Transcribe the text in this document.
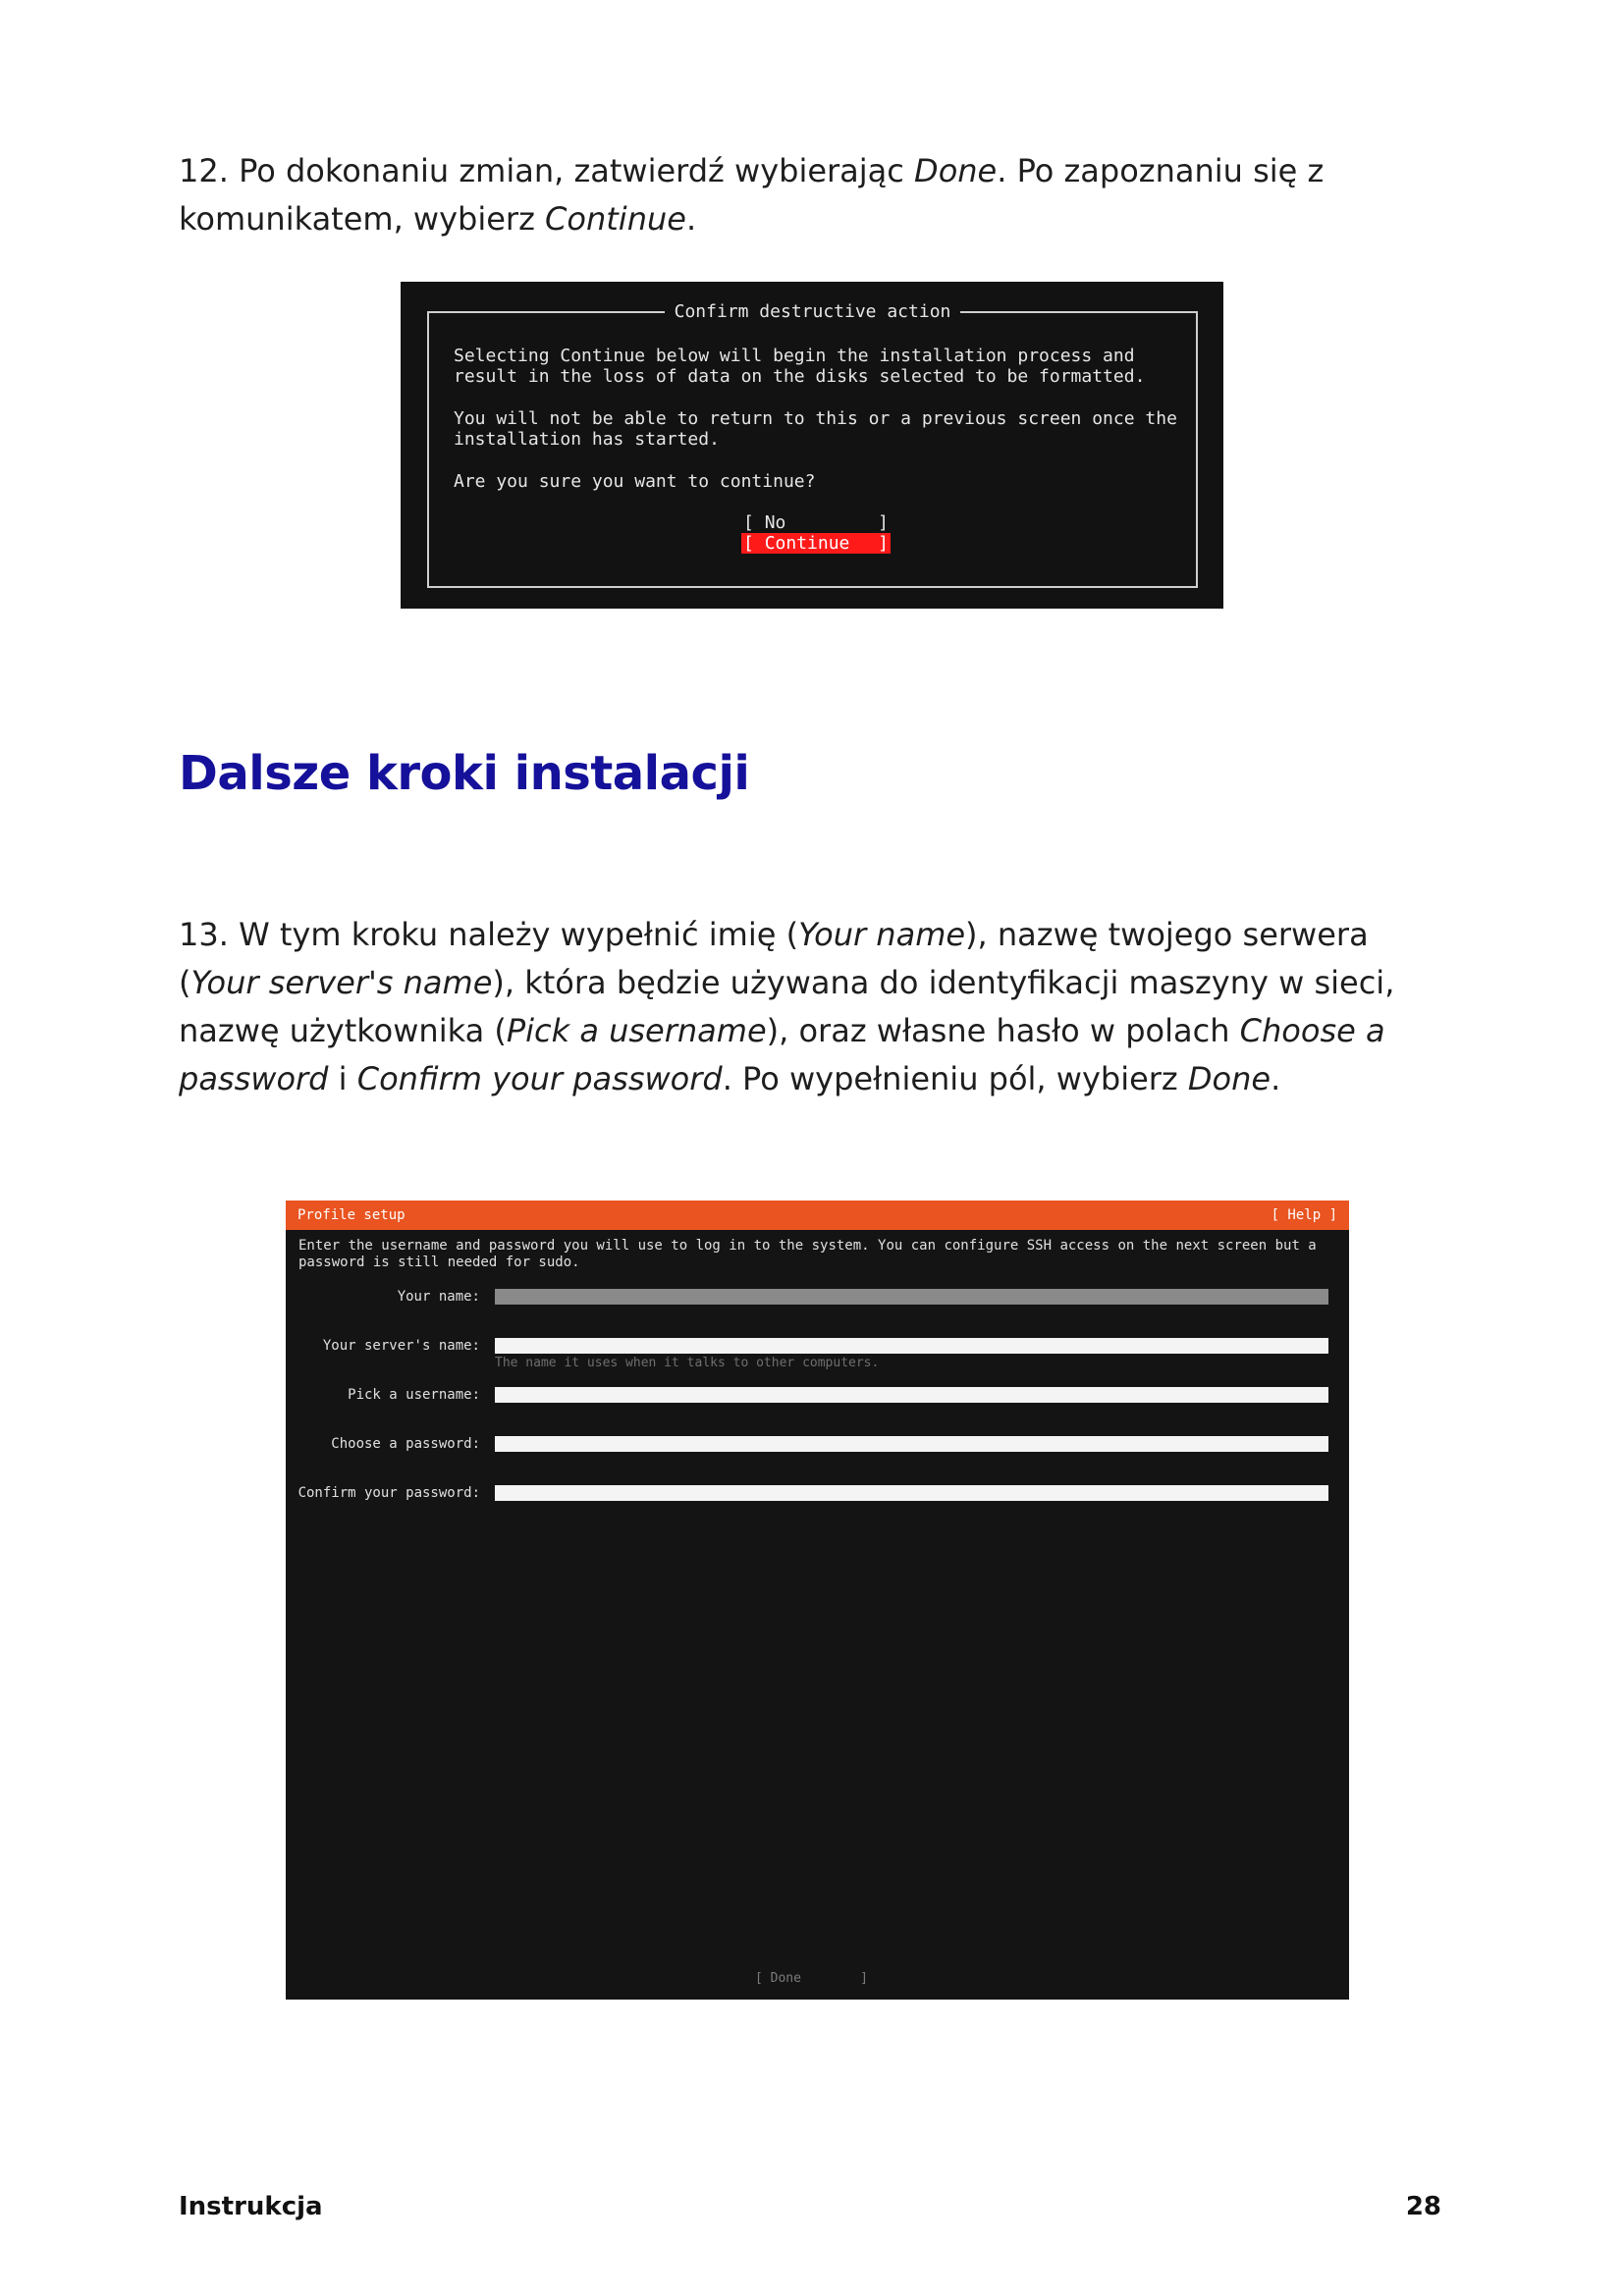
12. Po dokonaniu zmian, zatwierdź wybierając Done. Po zapoznaniu się z
komunikatem, wybierz Continue.
Confirm destructive action
Selecting Continue below will begin the installation process and
result in the loss of data on the disks selected to be formatted.
You will not be able to return to this or a previous screen once the
installation has started.
Are you sure you want to continue?
[ No	]
[ Continue ]
Dalsze kroki instalacji
13. W tym kroku należy wypełnić imię (Your name), nazwę twojego serwera (Your server's name), która będzie używana do identyfikacji maszyny w sieci, nazwę użytkownika (Pick a username), oraz własne hasło w polach Choose a password i Confirm your password. Po wypełnieniu pól, wybierz Done.
Profile setup	[ Help ]
Enter the username and password you will use to log in to the system. You can configure SSH access on the next screen but a
password is still needed for sudo.
Your name:
Your server's name:
The name it uses when it talks to other computers.
Pick a username:
Choose a password:
Confirm your password:
[ Done	]
Instrukcja	28
